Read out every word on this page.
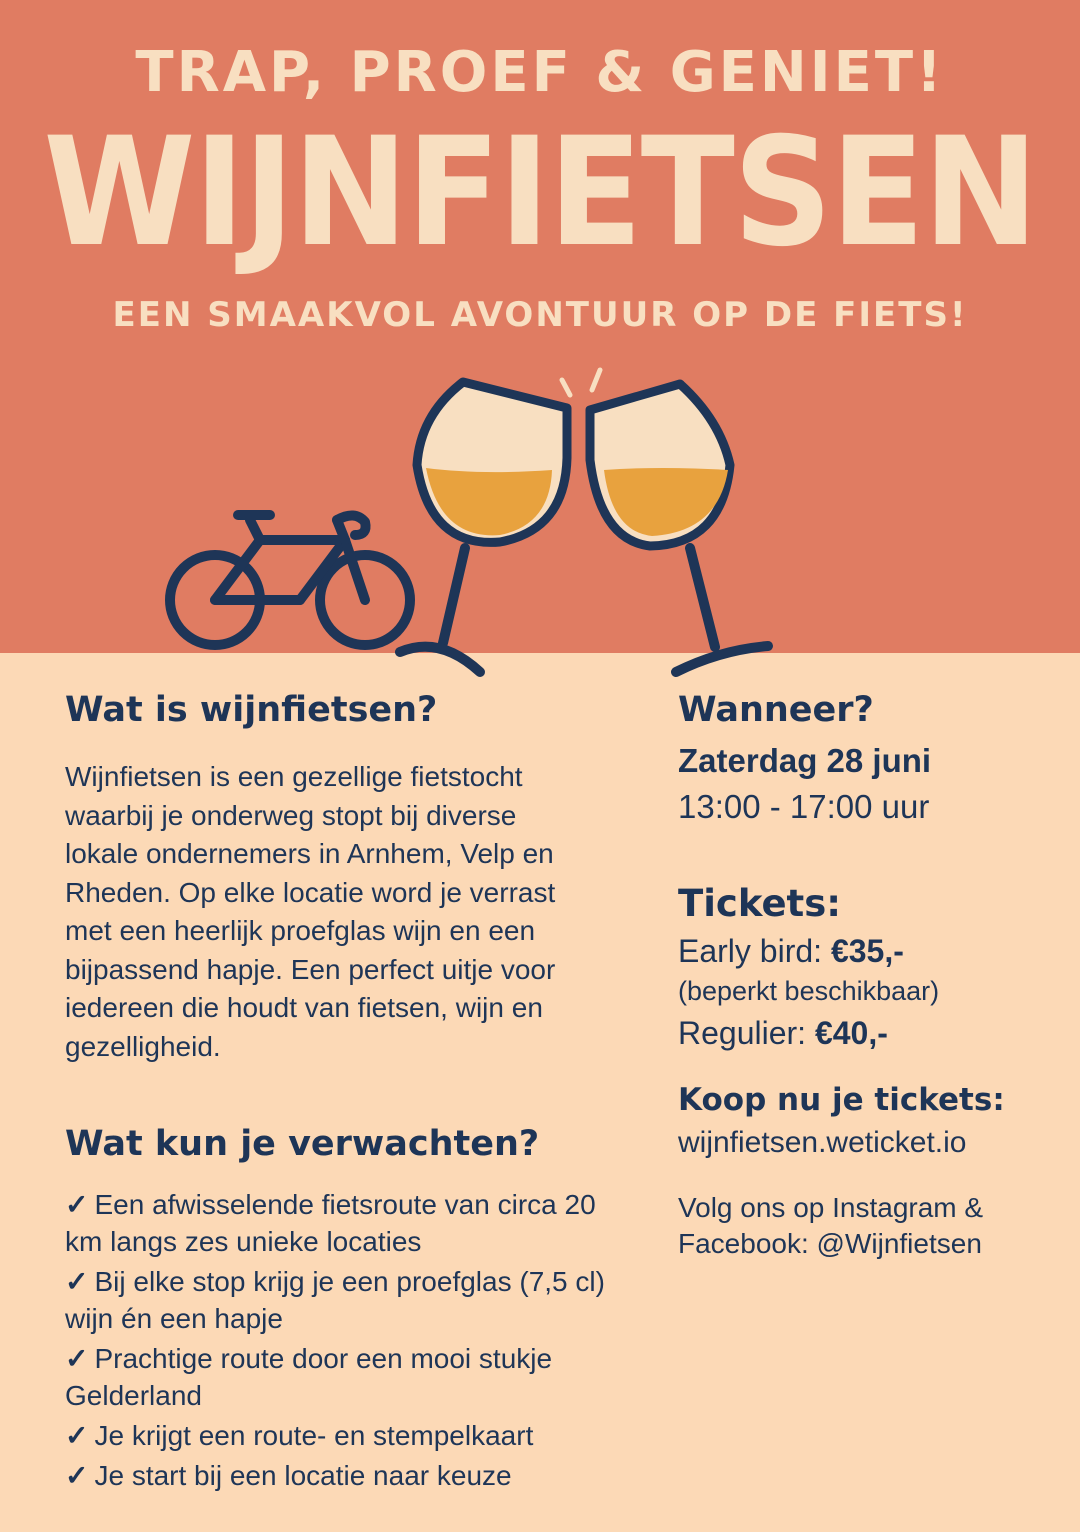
TRAP, PROEF & GENIET!
WIJNFIETSEN
EEN SMAAKVOL AVONTUUR OP DE FIETS!
Wat is wijnfietsen?

Wijnfietsen is een gezellige fietstocht
waarbij je onderweg stopt bij diverse
lokale ondernemers in Arnhem, Velp en
Rheden. Op elke locatie word je verrast
met een heerlijk proefglas wijn en een
bijpassend hapje. Een perfect uitje voor
iedereen die houdt van fietsen, wijn en
gezelligheid.

Wat kun je verwachten?
✓ Een afwisselende fietsroute van circa 20 km langs zes unieke locaties
✓ Bij elke stop krijg je een proefglas (7,5 cl) wijn én een hapje
✓ Prachtige route door een mooi stukje Gelderland
✓ Je krijgt een route- en stempelkaart
✓ Je start bij een locatie naar keuze
Wanneer?
Zaterdag 28 juni
13:00 - 17:00 uur
Tickets:
Early bird: €35,-
(beperkt beschikbaar)
Regulier: €40,-
Koop nu je tickets:
wijnfietsen.weticket.io
Volg ons op Instagram &
Facebook: @Wijnfietsen
